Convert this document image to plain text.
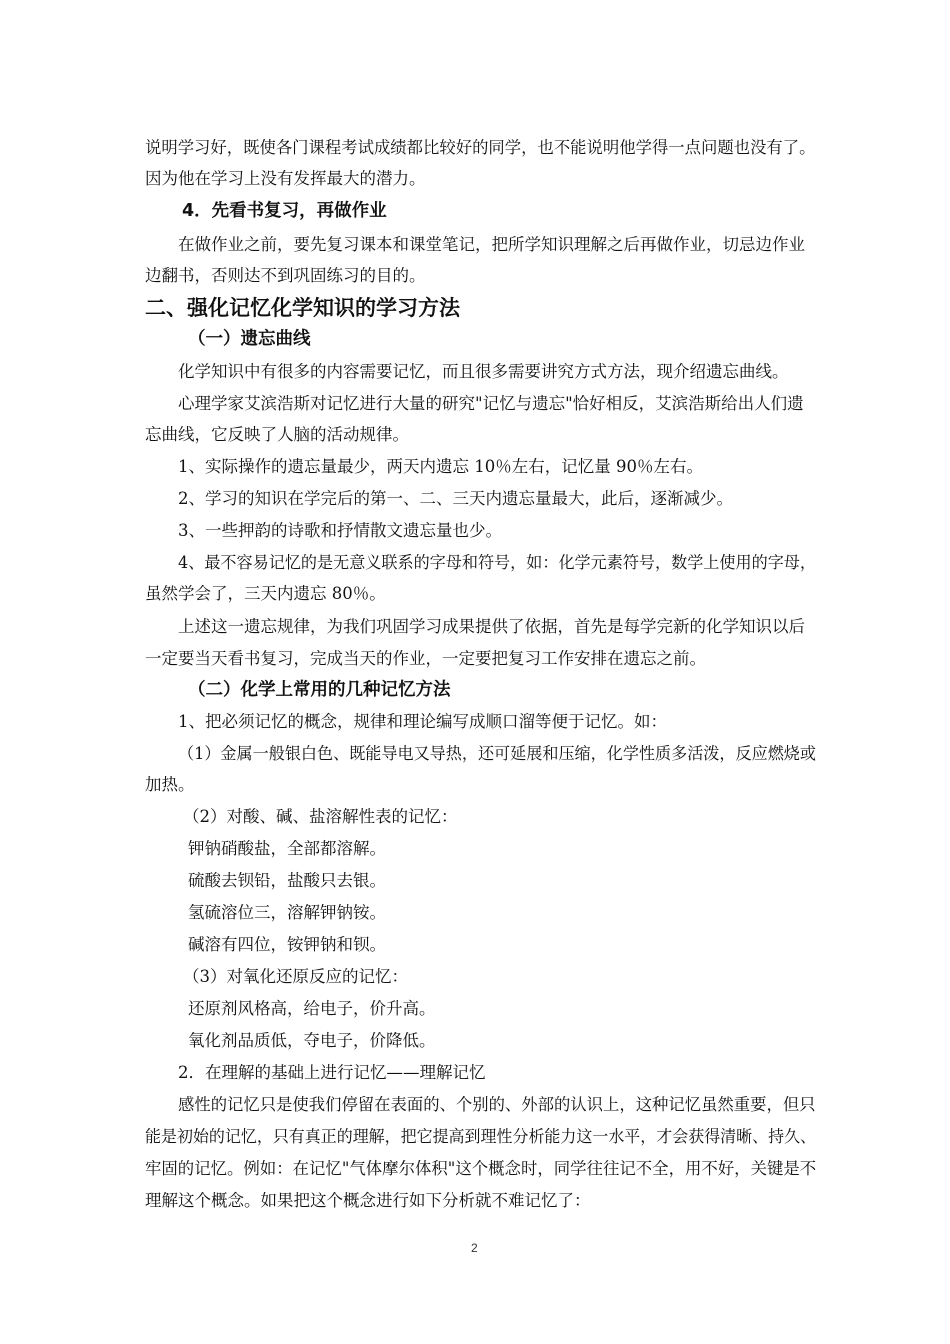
说明学习好，既使各门课程考试成绩都比较好的同学，也不能说明他学得一点问题也没有了。
因为他在学习上没有发挥最大的潜力。
4．先看书复习，再做作业
在做作业之前，要先复习课本和课堂笔记，把所学知识理解之后再做作业，切忌边作业
边翻书，否则达不到巩固练习的目的。
二、强化记忆化学知识的学习方法
（一）遗忘曲线
化学知识中有很多的内容需要记忆，而且很多需要讲究方式方法，现介绍遗忘曲线。
心理学家艾滨浩斯对记忆进行大量的研究"记忆与遗忘"恰好相反，艾滨浩斯给出人们遗
忘曲线，它反映了人脑的活动规律。
1、实际操作的遗忘量最少，两天内遗忘 10％左右，记忆量 90％左右。
2、学习的知识在学完后的第一、二、三天内遗忘量最大，此后，逐渐减少。
3、一些押韵的诗歌和抒情散文遗忘量也少。
4、最不容易记忆的是无意义联系的字母和符号，如：化学元素符号，数学上使用的字母，
虽然学会了，三天内遗忘 80％。
上述这一遗忘规律，为我们巩固学习成果提供了依据，首先是每学完新的化学知识以后
一定要当天看书复习，完成当天的作业，一定要把复习工作安排在遗忘之前。
（二）化学上常用的几种记忆方法
1、把必须记忆的概念，规律和理论编写成顺口溜等便于记忆。如：
（1）金属一般银白色、既能导电又导热，还可延展和压缩，化学性质多活泼，反应燃烧或
加热。
（2）对酸、碱、盐溶解性表的记忆：
钾钠硝酸盐，全部都溶解。
硫酸去钡铅，盐酸只去银。
氢硫溶位三，溶解钾钠铵。
碱溶有四位，铵钾钠和钡。
（3）对氧化还原反应的记忆：
还原剂风格高，给电子，价升高。
氧化剂品质低，夺电子，价降低。
2．在理解的基础上进行记忆——理解记忆
感性的记忆只是使我们停留在表面的、个别的、外部的认识上，这种记忆虽然重要，但只
能是初始的记忆，只有真正的理解，把它提高到理性分析能力这一水平，才会获得清晰、持久、
牢固的记忆。例如：在记忆"气体摩尔体积"这个概念时，同学往往记不全，用不好，关键是不
理解这个概念。如果把这个概念进行如下分析就不难记忆了：
2
